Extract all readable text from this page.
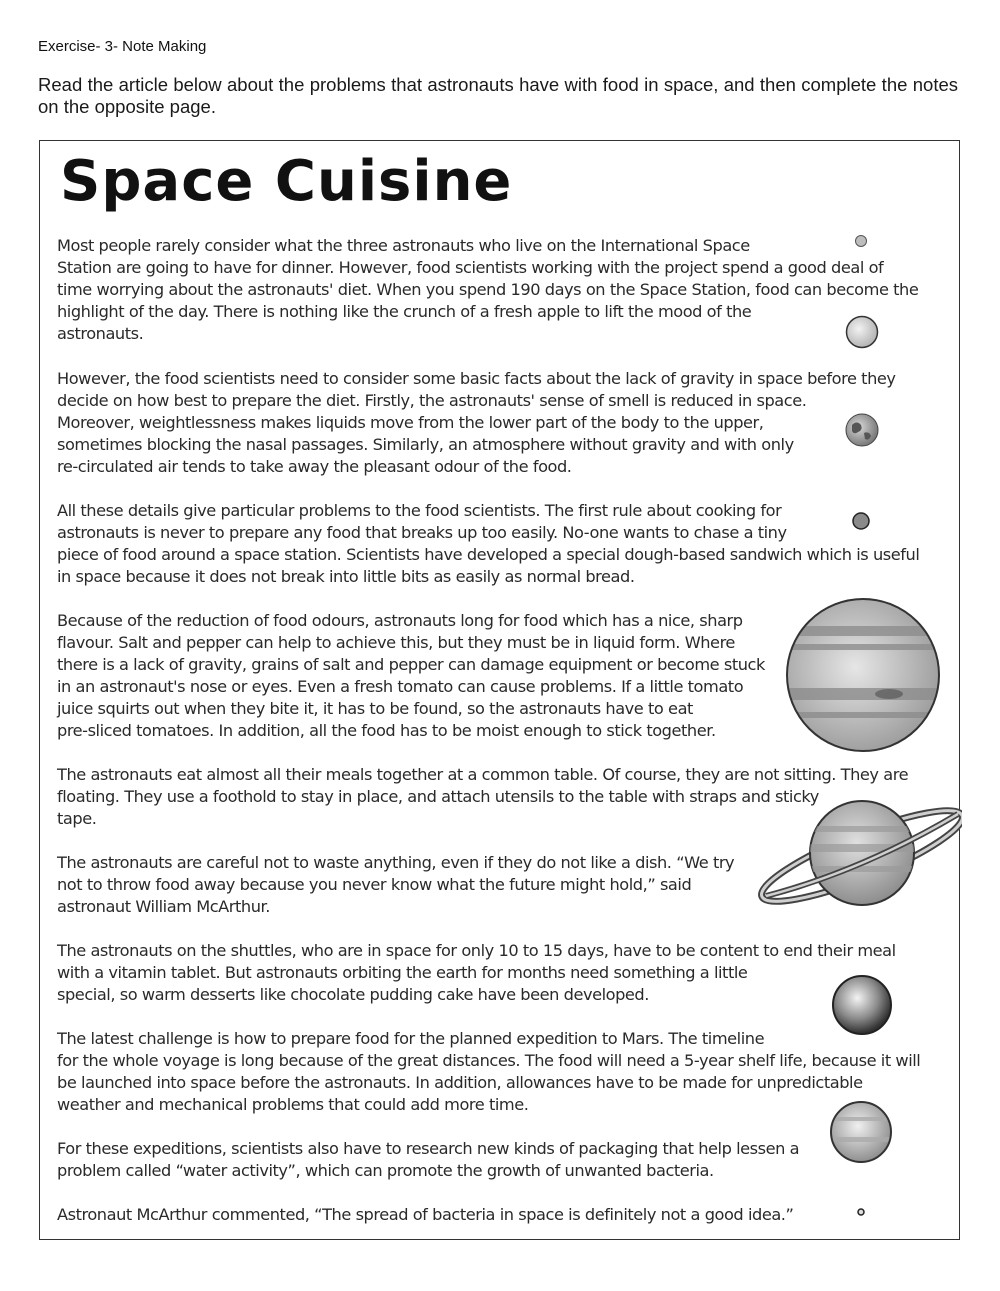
Exercise- 3- Note Making
Read the article below about the problems that astronauts have with food in space, and then complete the notes on the opposite page.
Space Cuisine
Most people rarely consider what the three astronauts who live on the International Space
Station are going to have for dinner. However, food scientists working with the project spend a good deal of
time worrying about the astronauts' diet. When you spend 190 days on the Space Station, food can become the
highlight of the day. There is nothing like the crunch of a fresh apple to lift the mood of the
astronauts.
However, the food scientists need to consider some basic facts about the lack of gravity in space before they
decide on how best to prepare the diet. Firstly, the astronauts' sense of smell is reduced in space.
Moreover, weightlessness makes liquids move from the lower part of the body to the upper,
sometimes blocking the nasal passages. Similarly, an atmosphere without gravity and with only
re-circulated air tends to take away the pleasant odour of the food.
All these details give particular problems to the food scientists. The first rule about cooking for
astronauts is never to prepare any food that breaks up too easily. No-one wants to chase a tiny
piece of food around a space station. Scientists have developed a special dough-based sandwich which is useful
in space because it does not break into little bits as easily as normal bread.
Because of the reduction of food odours, astronauts long for food which has a nice, sharp
flavour. Salt and pepper can help to achieve this, but they must be in liquid form. Where
there is a lack of gravity, grains of salt and pepper can damage equipment or become stuck
in an astronaut's nose or eyes. Even a fresh tomato can cause problems. If a little tomato
juice squirts out when they bite it, it has to be found, so the astronauts have to eat
pre-sliced tomatoes. In addition, all the food has to be moist enough to stick together.
The astronauts eat almost all their meals together at a common table. Of course, they are not sitting. They are
floating. They use a foothold to stay in place, and attach utensils to the table with straps and sticky
tape.
The astronauts are careful not to waste anything, even if they do not like a dish. “We try
not to throw food away because you never know what the future might hold,” said
astronaut William McArthur.
The astronauts on the shuttles, who are in space for only 10 to 15 days, have to be content to end their meal
with a vitamin tablet. But astronauts orbiting the earth for months need something a little
special, so warm desserts like chocolate pudding cake have been developed.
The latest challenge is how to prepare food for the planned expedition to Mars. The timeline
for the whole voyage is long because of the great distances. The food will need a 5-year shelf life, because it will
be launched into space before the astronauts. In addition, allowances have to be made for unpredictable
weather and mechanical problems that could add more time.
For these expeditions, scientists also have to research new kinds of packaging that help lessen a
problem called “water activity”, which can promote the growth of unwanted bacteria.
Astronaut McArthur commented, “The spread of bacteria in space is definitely not a good idea.”
